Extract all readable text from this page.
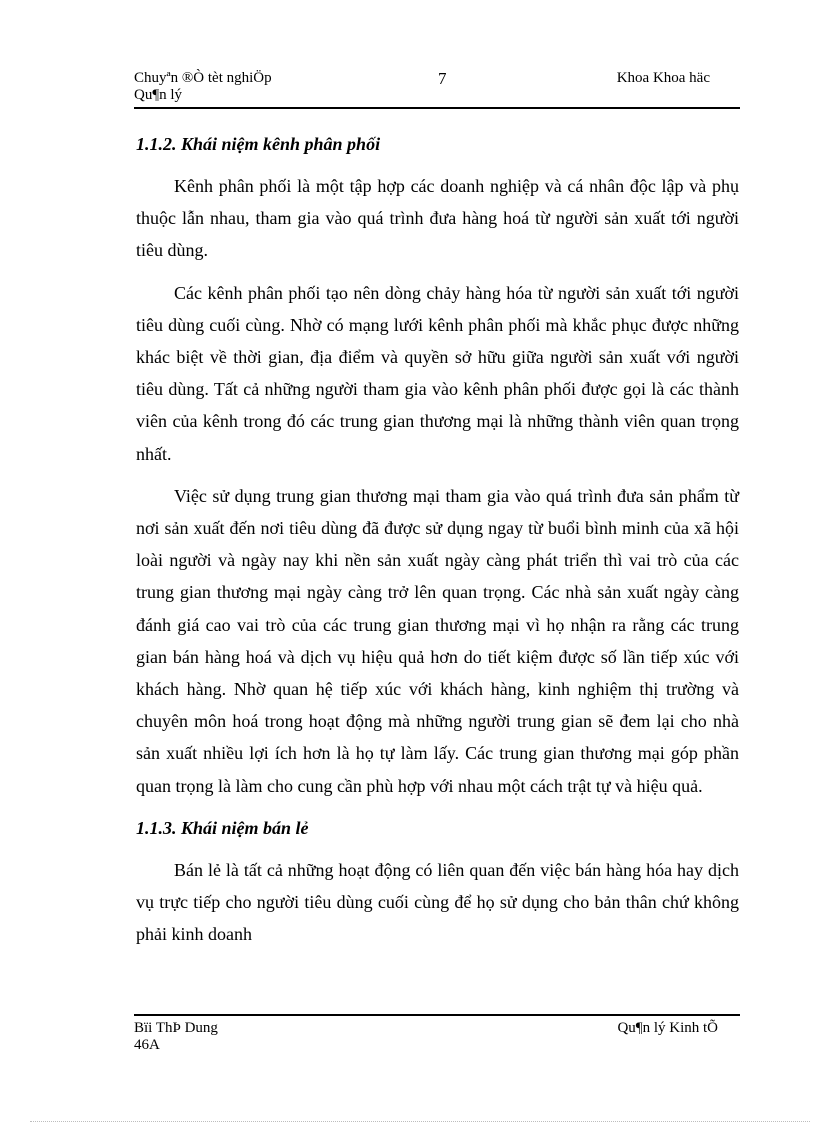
Chuyªn ®Ò tèt nghiÖp
Qu¶n lý
7	Khoa Khoa häc
1.1.2. Khái niệm kênh phân phối

Kênh phân phối là một tập hợp các doanh nghiệp và cá nhân độc lập và phụ thuộc lẫn nhau, tham gia vào quá trình đưa hàng hoá từ người sản xuất tới người tiêu dùng.

Các kênh phân phối tạo nên dòng chảy hàng hóa từ người sản xuất tới người tiêu dùng cuối cùng. Nhờ có mạng lưới kênh phân phối mà khắc phục được những khác biệt về thời gian, địa điểm và quyền sở hữu giữa người sản xuất với người tiêu dùng. Tất cả những người tham gia vào kênh phân phối được gọi là các thành viên của kênh trong đó các trung gian thương mại là những thành viên quan trọng nhất.

Việc sử dụng trung gian thương mại tham gia vào quá trình đưa sản phẩm từ nơi sản xuất đến nơi tiêu dùng đã được sử dụng ngay từ buổi bình minh của xã hội loài người và ngày nay khi nền sản xuất ngày càng phát triển thì vai trò của các trung gian thương mại ngày càng trở lên quan trọng. Các nhà sản xuất ngày càng đánh giá cao vai trò của các trung gian thương mại vì họ nhận ra rằng các trung gian bán hàng hoá và dịch vụ hiệu quả hơn do tiết kiệm được số lần tiếp xúc với khách hàng. Nhờ quan hệ tiếp xúc với khách hàng, kinh nghiệm thị trường và chuyên môn hoá trong hoạt động mà những người trung gian sẽ đem lại cho nhà sản xuất nhiều lợi ích hơn là họ tự làm lấy. Các trung gian thương mại góp phần quan trọng là làm cho cung cần phù hợp với nhau một cách trật tự và hiệu quả.

1.1.3. Khái niệm bán lẻ

Bán lẻ là tất cả những hoạt động có liên quan đến việc bán hàng hóa hay dịch vụ trực tiếp cho người tiêu dùng cuối cùng để họ sử dụng cho bản thân chứ không phải kinh doanh

Bïi ThÞ Dung
46A
Qu¶n lý Kinh tÕ
